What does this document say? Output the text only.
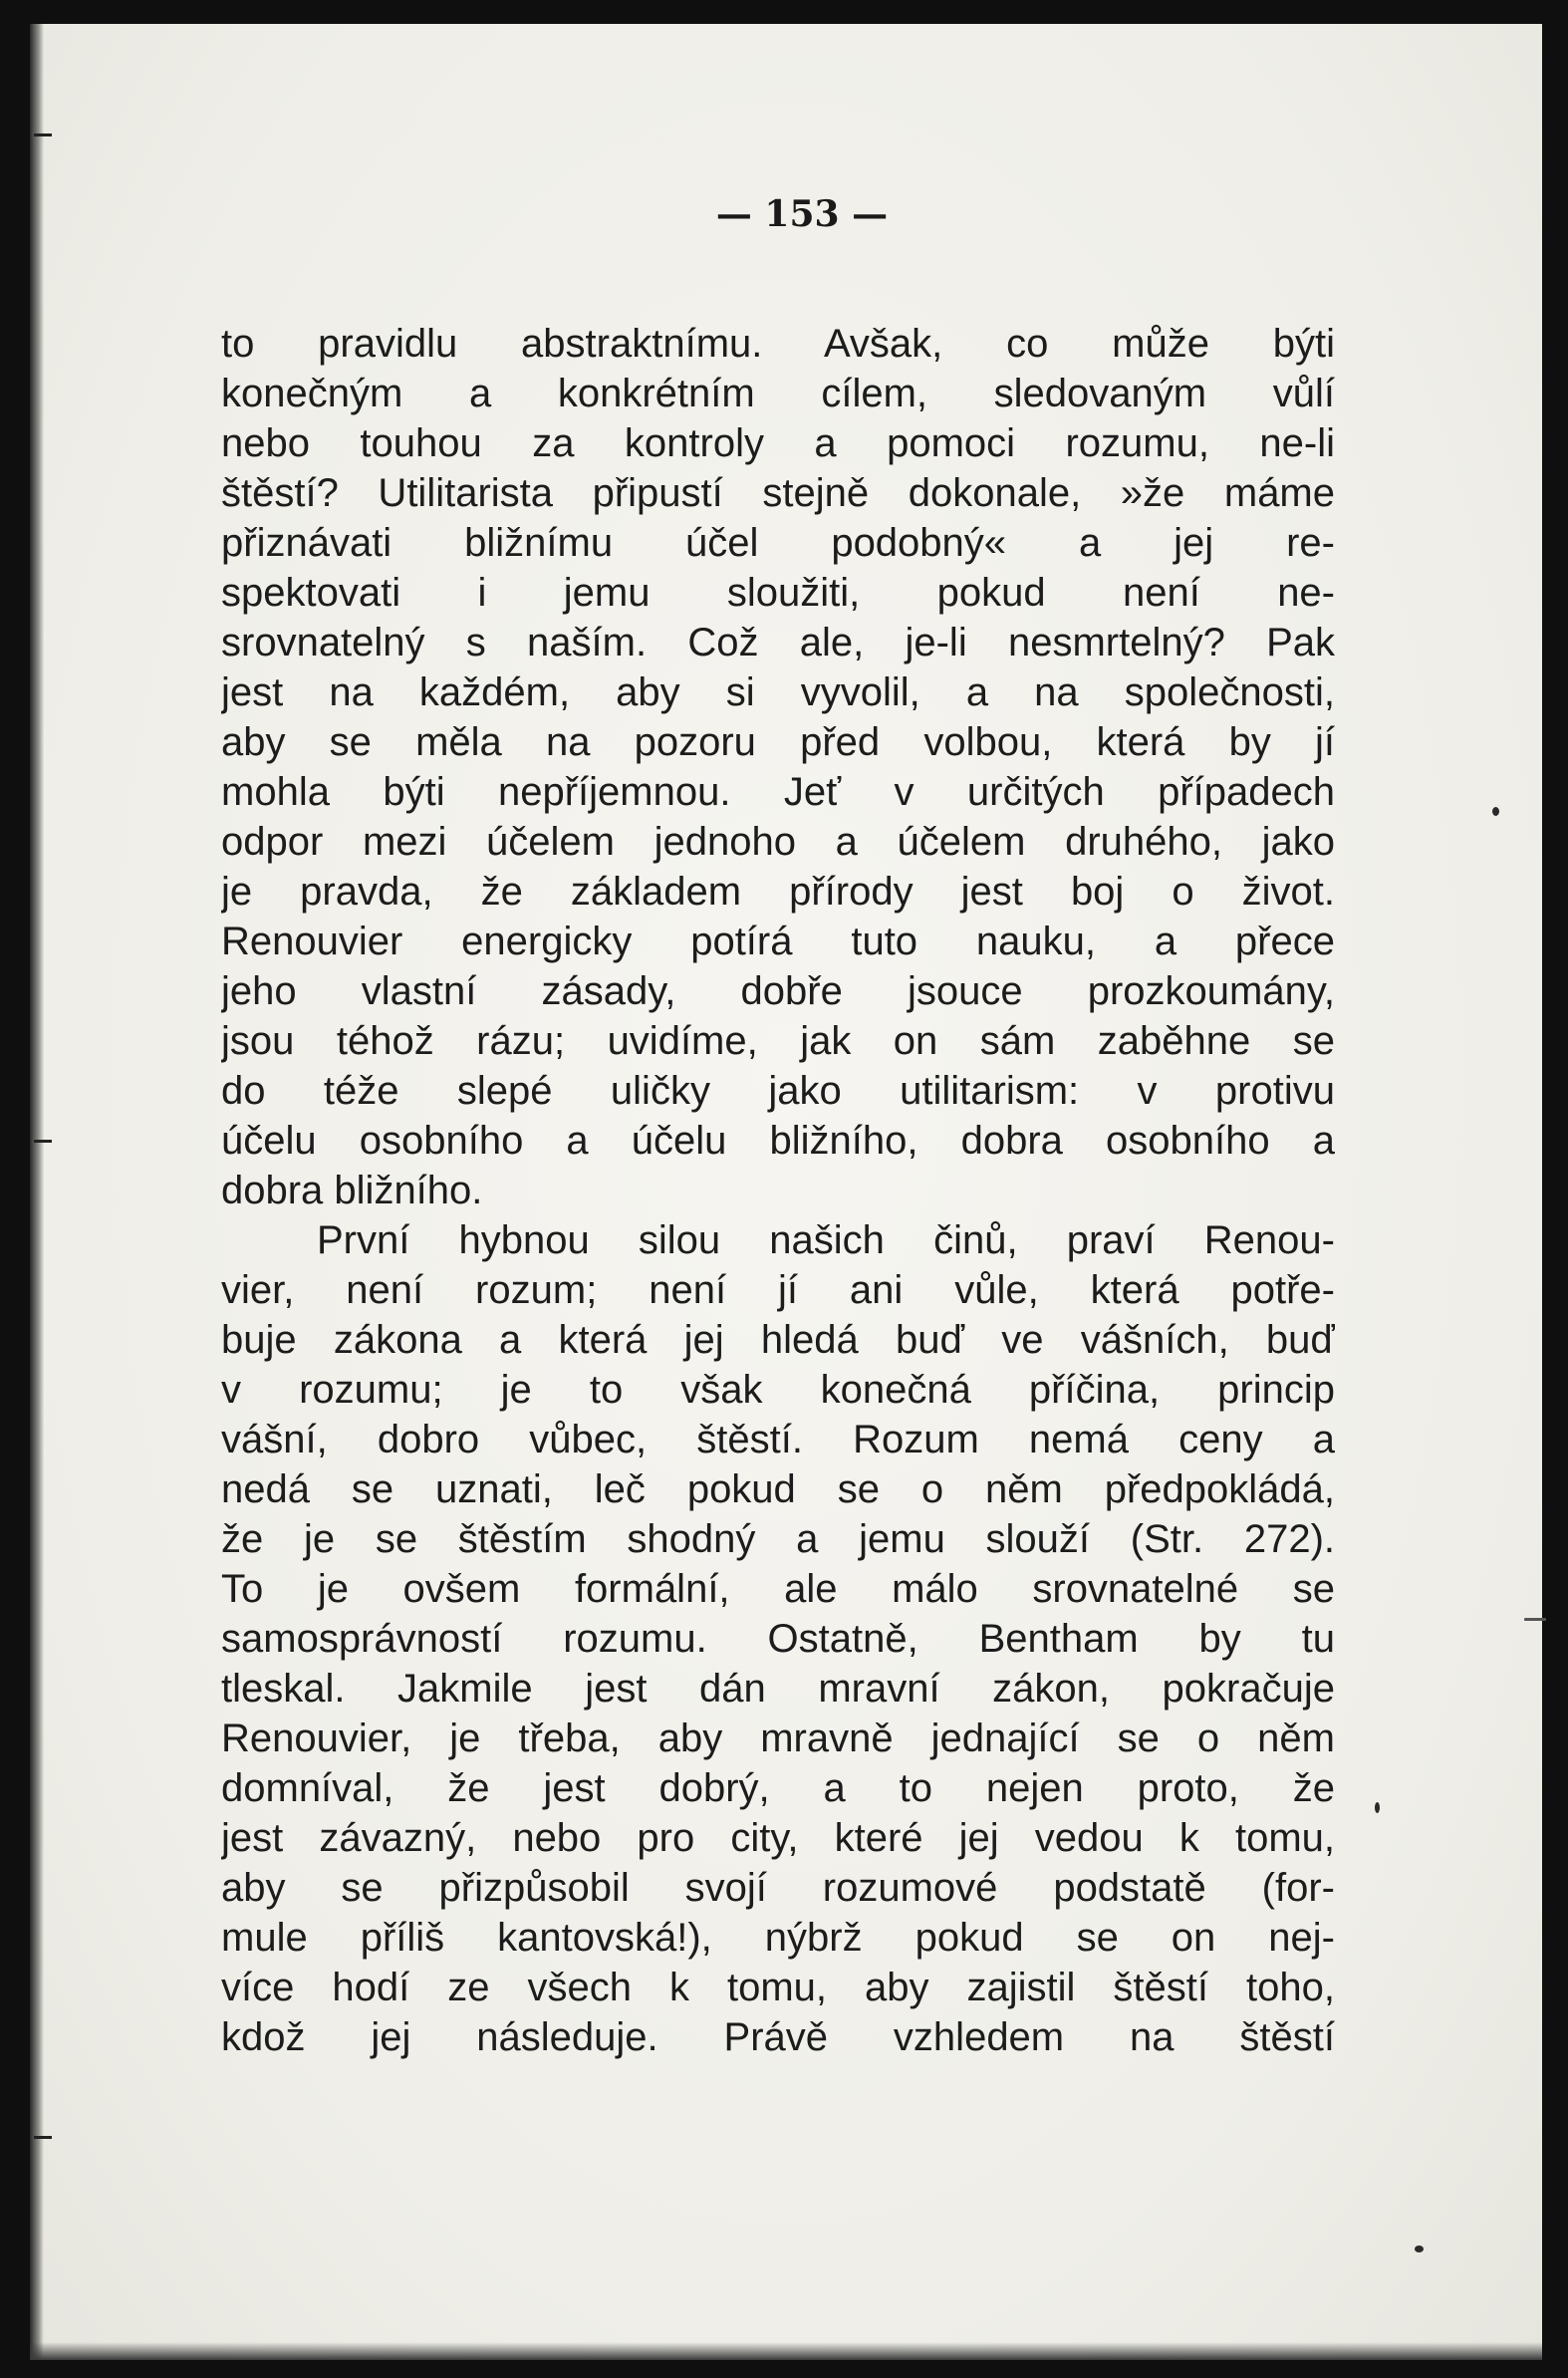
— 153 —
to pravidlu abstraktnímu. Avšak, co může býti
konečným a konkrétním cílem, sledovaným vůlí
nebo touhou za kontroly a pomoci rozumu, ne-li
štěstí? Utilitarista připustí stejně dokonale, »že máme
přiznávati bližnímu účel podobný« a jej re-
spektovati i jemu sloužiti, pokud není ne-
srovnatelný s naším. Což ale, je-li nesmrtelný? Pak
jest na každém, aby si vyvolil, a na společnosti,
aby se měla na pozoru před volbou, která by jí
mohla býti nepříjemnou. Jeť v určitých případech
odpor mezi účelem jednoho a účelem druhého, jako
je pravda, že základem přírody jest boj o život.
Renouvier energicky potírá tuto nauku, a přece
jeho vlastní zásady, dobře jsouce prozkoumány,
jsou téhož rázu; uvidíme, jak on sám zaběhne se
do téže slepé uličky jako utilitarism: v protivu
účelu osobního a účelu bližního, dobra osobního a
dobra bližního.
První hybnou silou našich činů, praví Renou-
vier, není rozum; není jí ani vůle, která potře-
buje zákona a která jej hledá buď ve vášních, buď
v rozumu; je to však konečná příčina, princip
vášní, dobro vůbec, štěstí. Rozum nemá ceny a
nedá se uznati, leč pokud se o něm předpokládá,
že je se štěstím shodný a jemu slouží (Str. 272).
To je ovšem formální, ale málo srovnatelné se
samosprávností rozumu. Ostatně, Bentham by tu
tleskal. Jakmile jest dán mravní zákon, pokračuje
Renouvier, je třeba, aby mravně jednající se o něm
domníval, že jest dobrý, a to nejen proto, že
jest závazný, nebo pro city, které jej vedou k tomu,
aby se přizpůsobil svojí rozumové podstatě (for-
mule příliš kantovská!), nýbrž pokud se on nej-
více hodí ze všech k tomu, aby zajistil štěstí toho,
kdož jej následuje. Právě vzhledem na štěstí
